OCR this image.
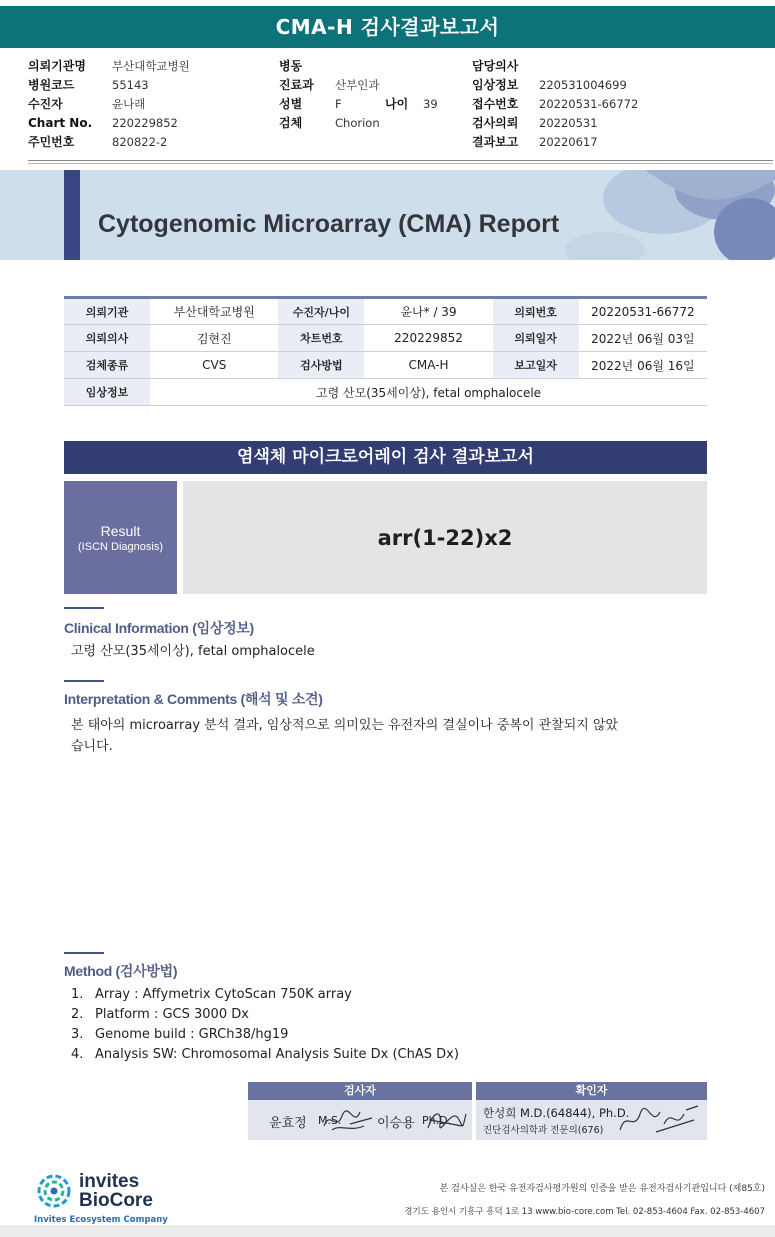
CMA-H 검사결과보고서
의뢰기관명	부산대학교병원
병원코드	55143
수진자	윤나래
Chart No.	220229852
주민번호	820822-2
병동
진료과	산부인과
성별	F	나이	39
검체	Chorion
담당의사
임상정보	220531004699
접수번호	20220531-66772
검사의뢰	20220531
결과보고	20220617
Cytogenomic Microarray (CMA) Report
의뢰기관	부산대학교병원	수진자/나이	윤나* / 39	의뢰번호	20220531-66772
의뢰의사	김현진	차트번호	220229852	의뢰일자	2022년 06월 03일
검체종류	CVS	검사방법	CMA-H	보고일자	2022년 06월 16일
임상정보	고령 산모(35세이상), fetal omphalocele				
염색체 마이크로어레이 검사 결과보고서
Result
(ISCN Diagnosis)	arr(1-22)x2
Clinical Information (임상정보)
고령 산모(35세이상), fetal omphalocele
Interpretation & Comments (해석 및 소견)
본 태아의 microarray 분석 결과, 임상적으로 의미있는 유전자의 결실이나 중복이 관찰되지 않았
습니다.
Method (검사방법)
1. Array : Affymetrix CytoScan 750K array
2. Platform : GCS 3000 Dx
3. Genome build : GRCh38/hg19
4. Analysis SW: Chromosomal Analysis Suite Dx (ChAS Dx)
검사자
윤효정 M.S.	이승용 Ph.D.
확인자
한성희 M.D.(64844), Ph.D.
진단검사의학과 전문의(676)
invites
BioCore
Invites Ecosystem Company
본 검사실은 한국 유전자검사평가원의 인증을 받은 유전자검사기관입니다 (제85호)
경기도 용인시 기흥구 흥덕 1로 13 www.bio-core.com Tel. 02-853-4604 Fax. 02-853-4607
